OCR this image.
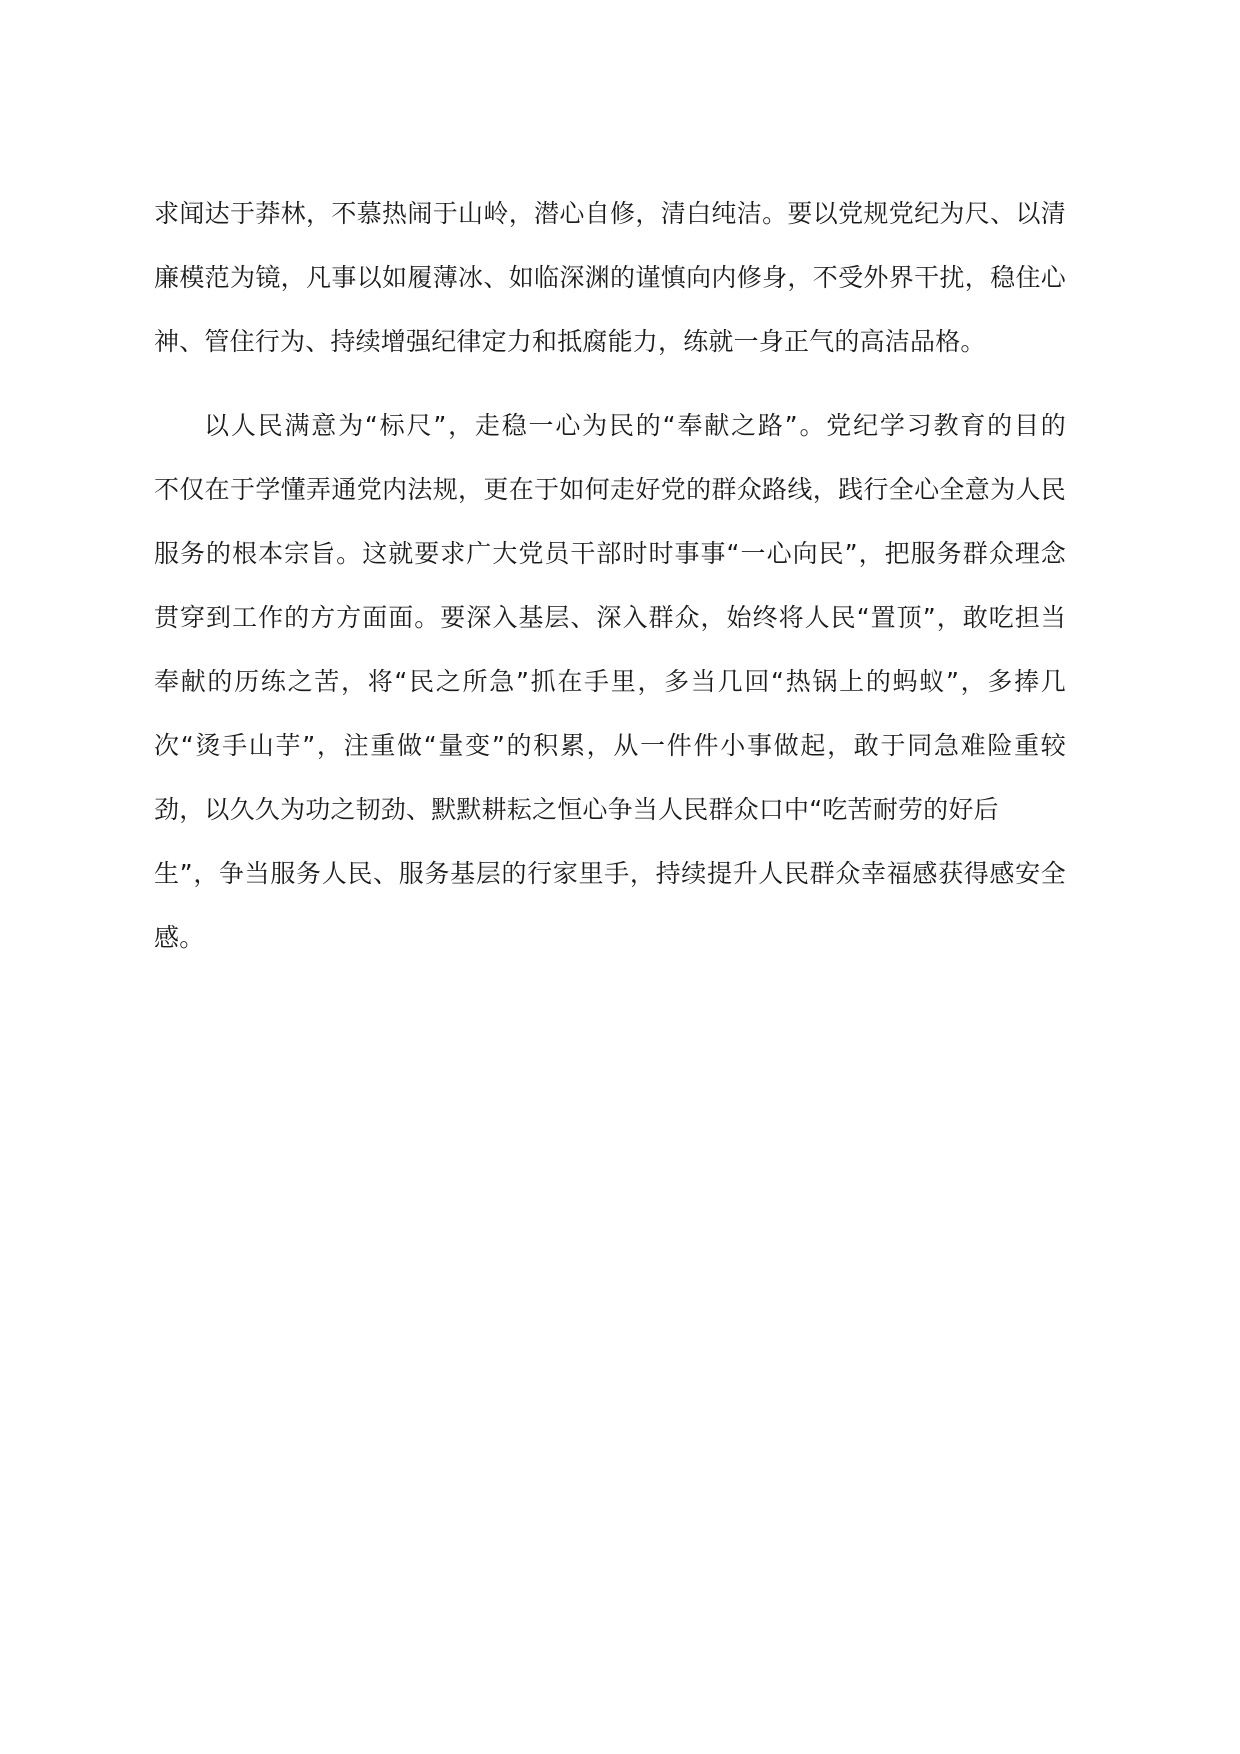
求闻达于莽林，不慕热闹于山岭，潜心自修，清白纯洁。要以党规党纪为尺、以清
廉模范为镜，凡事以如履薄冰、如临深渊的谨慎向内修身，不受外界干扰，稳住心
神、管住行为、持续增强纪律定力和抵腐能力，练就一身正气的高洁品格。
以人民满意为“标尺”，走稳一心为民的“奉献之路”。党纪学习教育的目的
不仅在于学懂弄通党内法规，更在于如何走好党的群众路线，践行全心全意为人民
服务的根本宗旨。这就要求广大党员干部时时事事“一心向民”，把服务群众理念
贯穿到工作的方方面面。要深入基层、深入群众，始终将人民“置顶”，敢吃担当
奉献的历练之苦，将“民之所急”抓在手里，多当几回“热锅上的蚂蚁”，多捧几
次“烫手山芋”，注重做“量变”的积累，从一件件小事做起，敢于同急难险重较
劲，以久久为功之韧劲、默默耕耘之恒心争当人民群众口中“吃苦耐劳的好后
生”，争当服务人民、服务基层的行家里手，持续提升人民群众幸福感获得感安全
感。
